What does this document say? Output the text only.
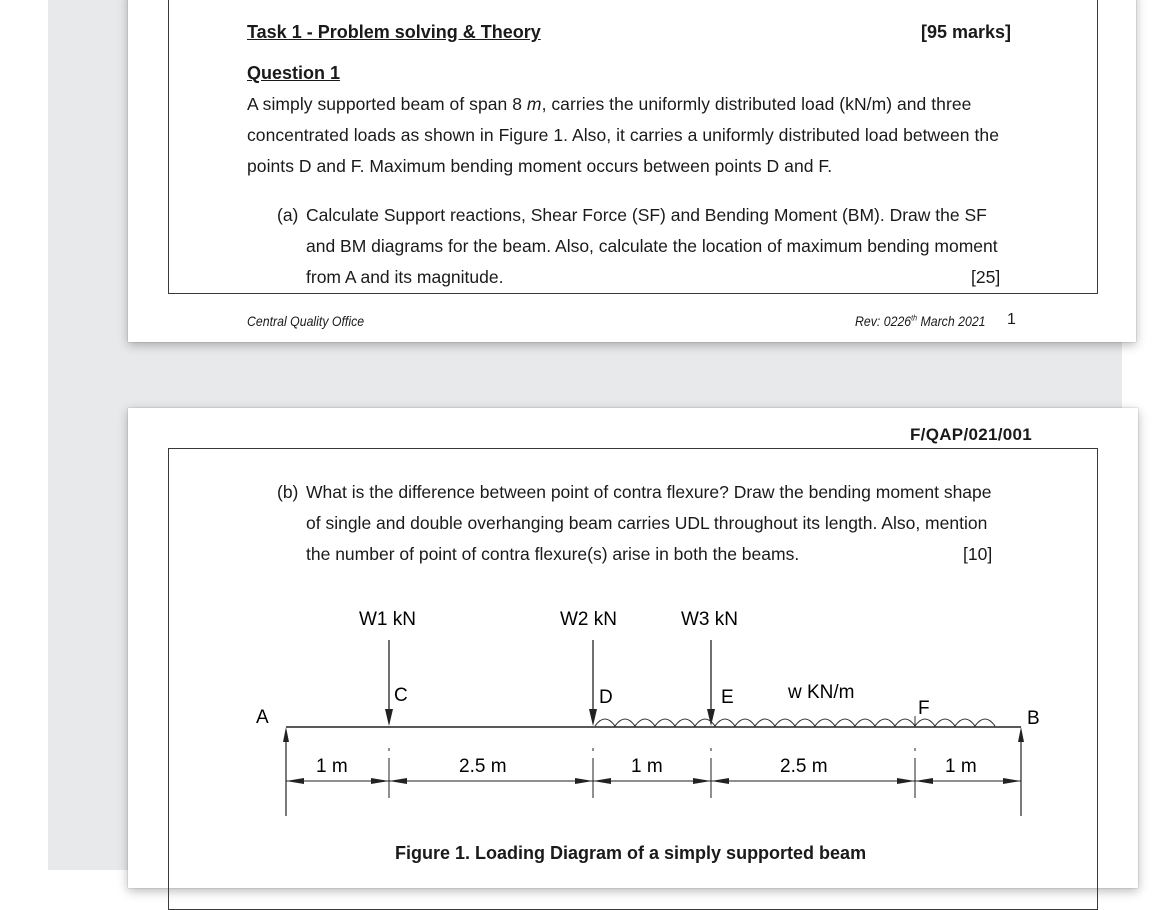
Task 1 - Problem solving & Theory	[95 marks]
Question 1
A simply supported beam of span 8 m, carries the uniformly distributed load (kN/m) and three
concentrated loads as shown in Figure 1. Also, it carries a uniformly distributed load between the
points D and F. Maximum bending moment occurs between points D and F.
(a) Calculate Support reactions, Shear Force (SF) and Bending Moment (BM). Draw the SF
and BM diagrams for the beam. Also, calculate the location of maximum bending moment
from A and its magnitude.	[25]
Central Quality Office	Rev: 0226th March 2021 1
F/QAP/021/001
(b) What is the difference between point of contra flexure? Draw the bending moment shape
of single and double overhanging beam carries UDL throughout its length. Also, mention
the number of point of contra flexure(s) arise in both the beams.	[10]
W1 kN	W2 kN	W3 kN
A	B
C	D	E
F
w KN/m
1 m	2.5 m	1 m	2.5 m	1 m
Figure 1. Loading Diagram of a simply supported beam
